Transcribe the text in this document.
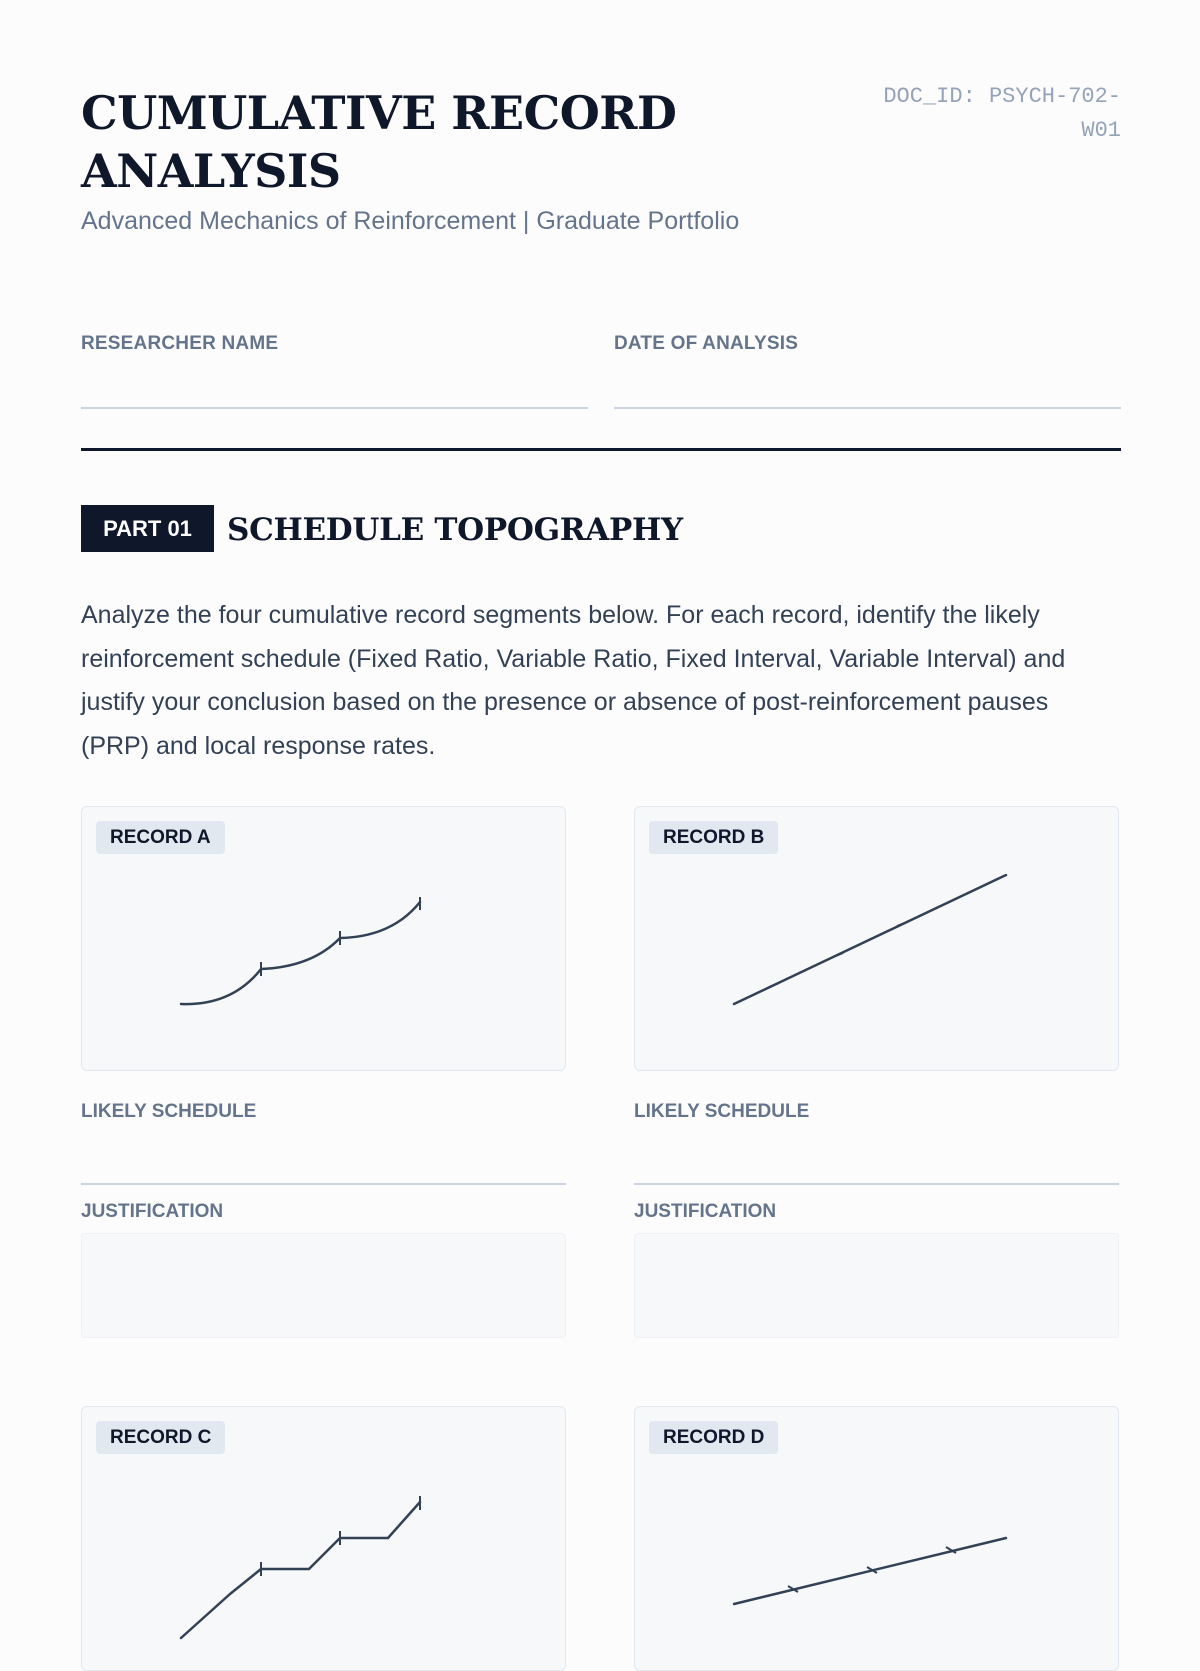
CUMULATIVE RECORD ANALYSIS
Advanced Mechanics of Reinforcement | Graduate Portfolio
DOC_ID: PSYCH-702-W01
RESEARCHER NAME	DATE OF ANALYSIS
PART 01	SCHEDULE TOPOGRAPHY

Analyze the four cumulative record segments below. For each record, identify the likely reinforcement schedule (Fixed Ratio, Variable Ratio, Fixed Interval, Variable Interval) and justify your conclusion based on the presence or absence of post-reinforcement pauses (PRP) and local response rates.

RECORD A
LIKELY SCHEDULE
JUSTIFICATION
RECORD B
LIKELY SCHEDULE
JUSTIFICATION
RECORD C	RECORD D
